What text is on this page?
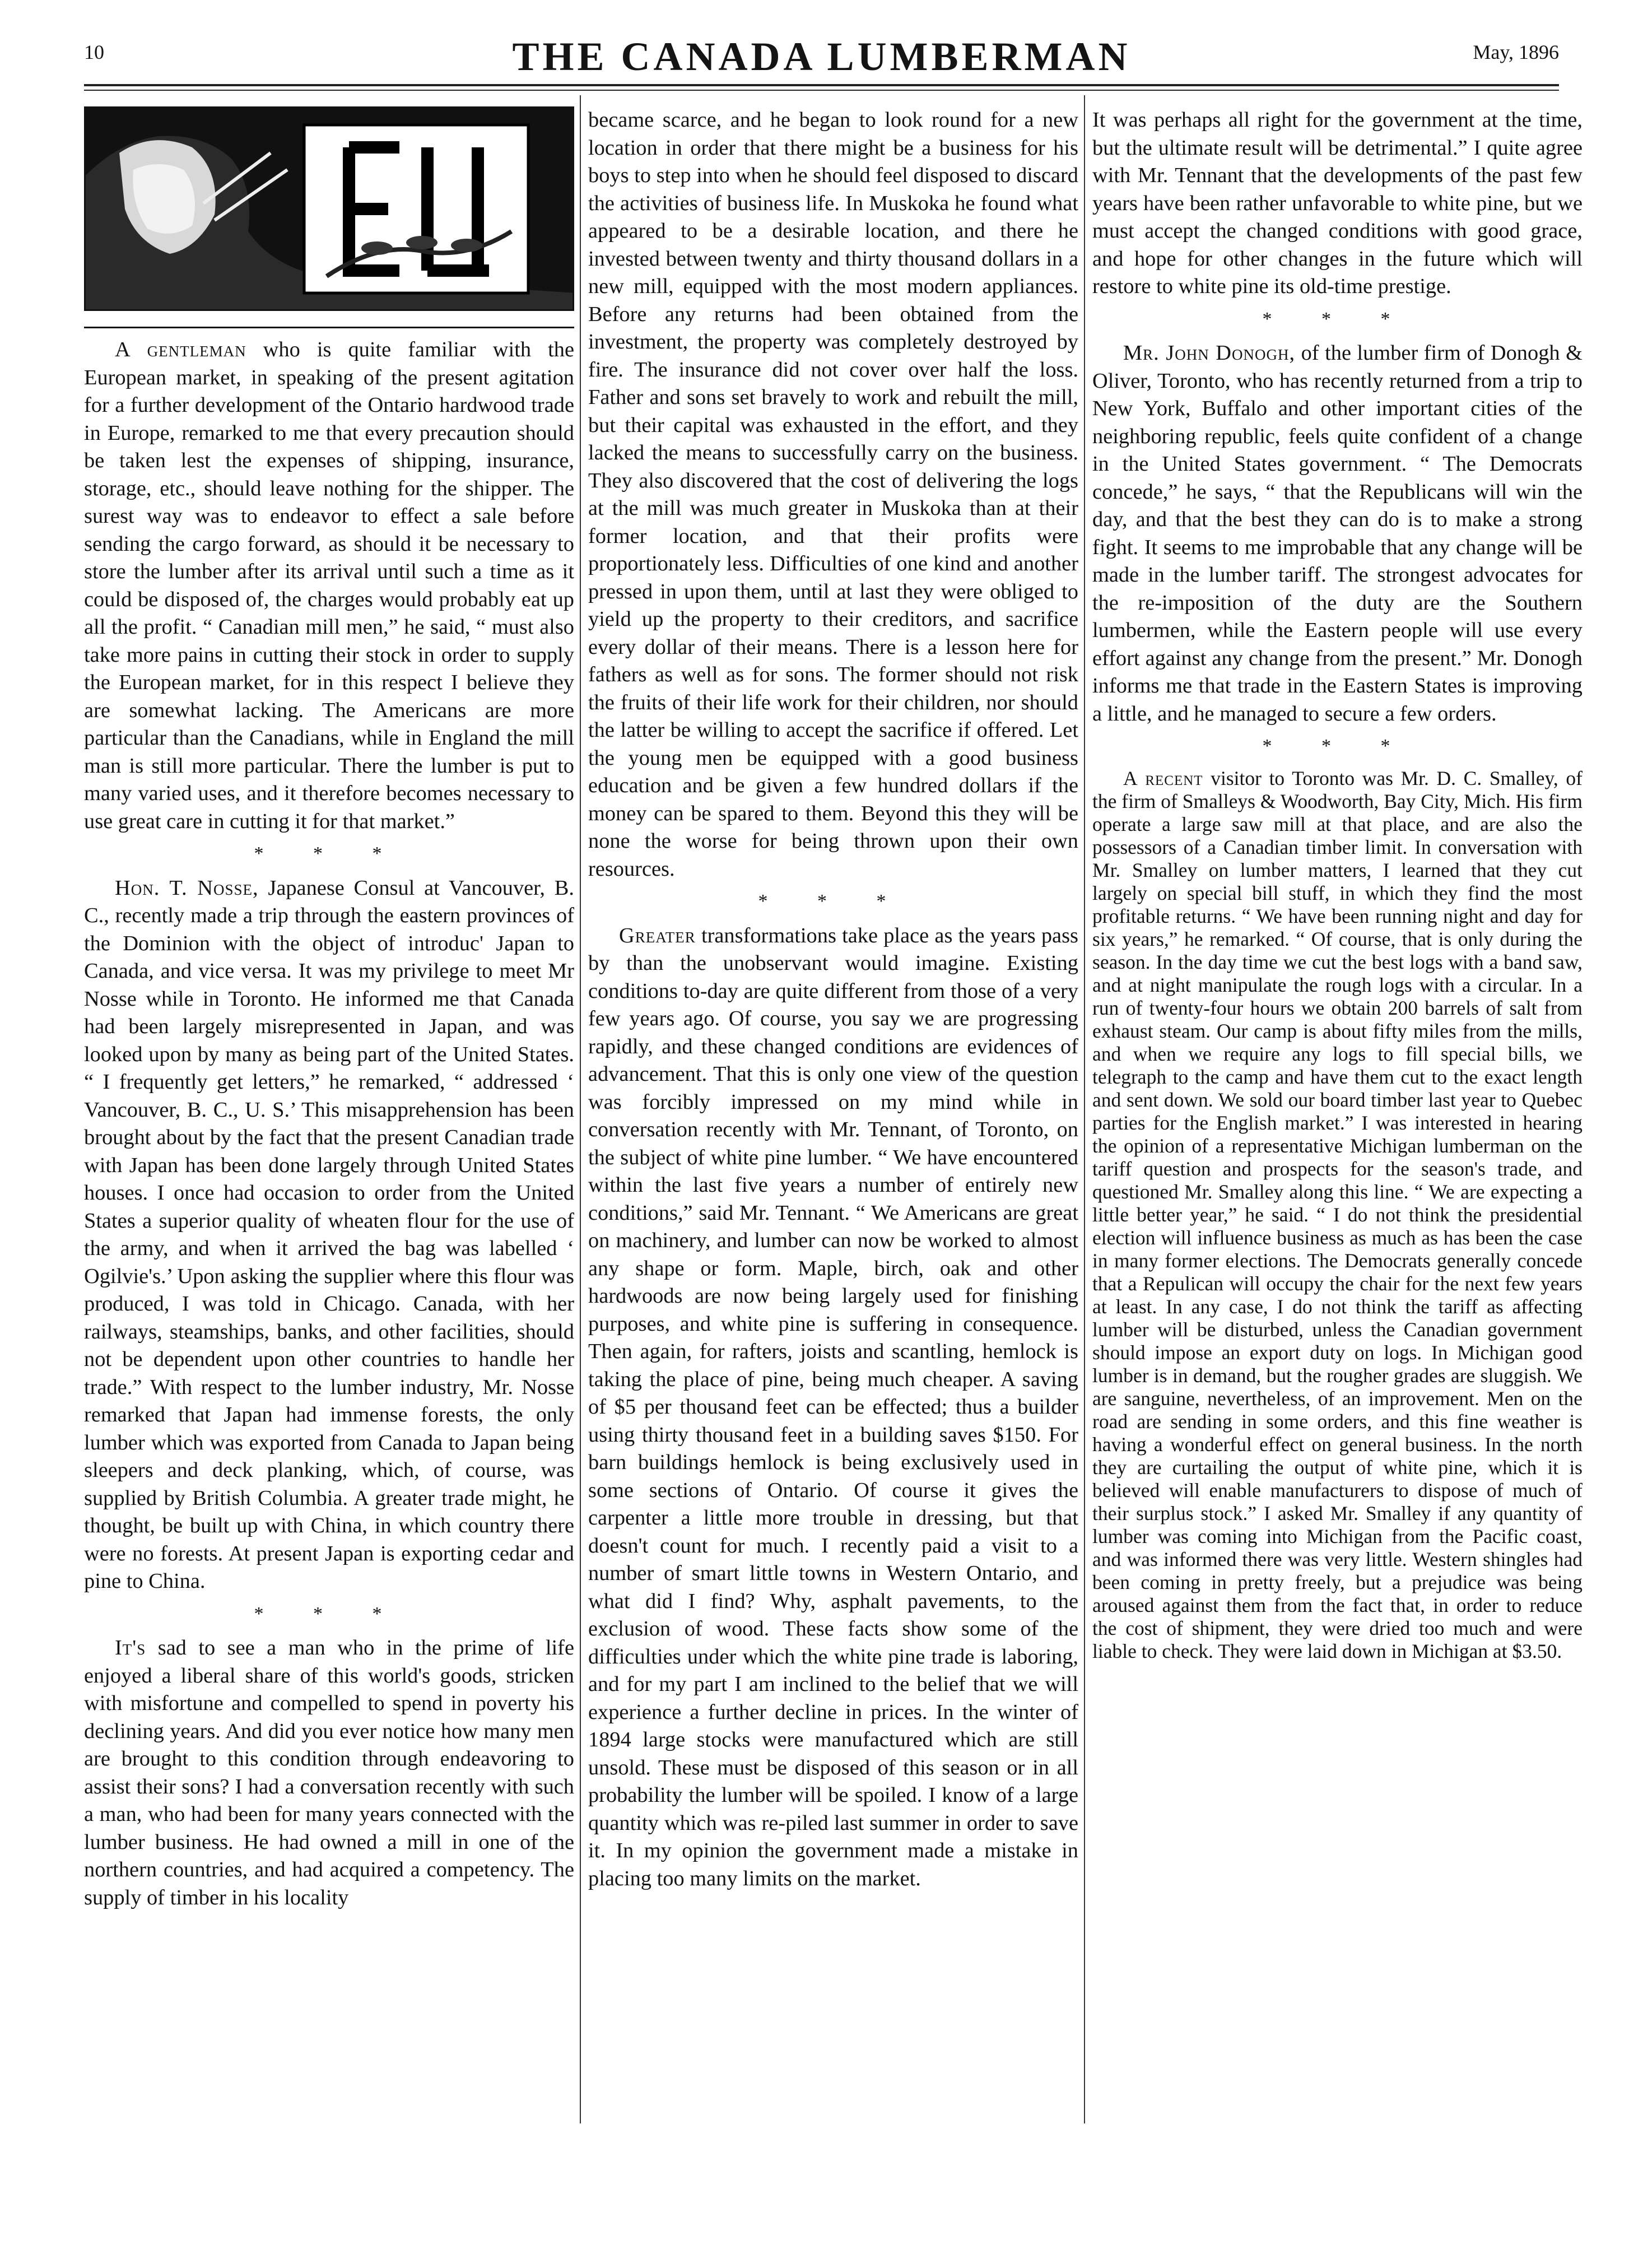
10	THE CANADA LUMBERMAN	May, 1896

A gentleman who is quite familiar with the European market, in speaking of the present agitation for a further development of the Ontario hardwood trade in Europe, remarked to me that every precaution should be taken lest the expenses of shipping, insurance, storage, etc., should leave nothing for the shipper. The surest way was to endeavor to effect a sale before sending the cargo forward, as should it be necessary to store the lumber after its arrival until such a time as it could be disposed of, the charges would probably eat up all the profit. “ Canadian mill men,” he said, “ must also take more pains in cutting their stock in order to supply the European market, for in this respect I believe they are somewhat lacking. The Americans are more particular than the Canadians, while in England the mill man is still more particular. There the lumber is put to many varied uses, and it therefore becomes necessary to use great care in cutting it for that market.”

* * *

Hon. T. Nosse, Japanese Consul at Vancouver, B. C., recently made a trip through the eastern provinces of the Dominion with the object of introduc' Japan to Canada, and vice versa. It was my privilege to meet Mr Nosse while in Toronto. He informed me that Canada had been largely misrepresented in Japan, and was looked upon by many as being part of the United States. “ I frequently get letters,” he remarked, “ addressed ‘ Vancouver, B. C., U. S.’ This misapprehension has been brought about by the fact that the present Canadian trade with Japan has been done largely through United States houses. I once had occasion to order from the United States a superior quality of wheaten flour for the use of the army, and when it arrived the bag was labelled ‘ Ogilvie's.’ Upon asking the supplier where this flour was produced, I was told in Chicago. Canada, with her railways, steamships, banks, and other facilities, should not be dependent upon other countries to handle her trade.” With respect to the lumber industry, Mr. Nosse remarked that Japan had immense forests, the only lumber which was exported from Canada to Japan being sleepers and deck planking, which, of course, was supplied by British Columbia. A greater trade might, he thought, be built up with China, in which country there were no forests. At present Japan is exporting cedar and pine to China.

* * *

It's sad to see a man who in the prime of life enjoyed a liberal share of this world's goods, stricken with misfortune and compelled to spend in poverty his declining years. And did you ever notice how many men are brought to this condition through endeavoring to assist their sons? I had a conversation recently with such a man, who had been for many years connected with the lumber business. He had owned a mill in one of the northern countries, and had acquired a competency. The supply of timber in his locality

became scarce, and he began to look round for a new location in order that there might be a business for his boys to step into when he should feel disposed to discard the activities of business life. In Muskoka he found what appeared to be a desirable location, and there he invested between twenty and thirty thousand dollars in a new mill, equipped with the most modern appliances. Before any returns had been obtained from the investment, the property was completely destroyed by fire. The insurance did not cover over half the loss. Father and sons set bravely to work and rebuilt the mill, but their capital was exhausted in the effort, and they lacked the means to successfully carry on the business. They also discovered that the cost of delivering the logs at the mill was much greater in Muskoka than at their former location, and that their profits were proportionately less. Difficulties of one kind and another pressed in upon them, until at last they were obliged to yield up the property to their creditors, and sacrifice every dollar of their means. There is a lesson here for fathers as well as for sons. The former should not risk the fruits of their life work for their children, nor should the latter be willing to accept the sacrifice if offered. Let the young men be equipped with a good business education and be given a few hundred dollars if the money can be spared to them. Beyond this they will be none the worse for being thrown upon their own resources.

* * *

Greater transformations take place as the years pass by than the unobservant would imagine. Existing conditions to-day are quite different from those of a very few years ago. Of course, you say we are progressing rapidly, and these changed conditions are evidences of advancement. That this is only one view of the question was forcibly impressed on my mind while in conversation recently with Mr. Tennant, of Toronto, on the subject of white pine lumber. “ We have encountered within the last five years a number of entirely new conditions,” said Mr. Tennant. “ We Americans are great on machinery, and lumber can now be worked to almost any shape or form. Maple, birch, oak and other hardwoods are now being largely used for finishing purposes, and white pine is suffering in consequence. Then again, for rafters, joists and scantling, hemlock is taking the place of pine, being much cheaper. A saving of $5 per thousand feet can be effected; thus a builder using thirty thousand feet in a building saves $150. For barn buildings hemlock is being exclusively used in some sections of Ontario. Of course it gives the carpenter a little more trouble in dressing, but that doesn't count for much. I recently paid a visit to a number of smart little towns in Western Ontario, and what did I find? Why, asphalt pavements, to the exclusion of wood. These facts show some of the difficulties under which the white pine trade is laboring, and for my part I am inclined to the belief that we will experience a further decline in prices. In the winter of 1894 large stocks were manufactured which are still unsold. These must be disposed of this season or in all probability the lumber will be spoiled. I know of a large quantity which was re-piled last summer in order to save it. In my opinion the government made a mistake in placing too many limits on the market.

It was perhaps all right for the government at the time, but the ultimate result will be detrimental.” I quite agree with Mr. Tennant that the developments of the past few years have been rather unfavorable to white pine, but we must accept the changed conditions with good grace, and hope for other changes in the future which will restore to white pine its old-time prestige.

* * *

Mr. John Donogh, of the lumber firm of Donogh & Oliver, Toronto, who has recently returned from a trip to New York, Buffalo and other important cities of the neighboring republic, feels quite confident of a change in the United States government. “ The Democrats concede,” he says, “ that the Republicans will win the day, and that the best they can do is to make a strong fight. It seems to me improbable that any change will be made in the lumber tariff. The strongest advocates for the re-imposition of the duty are the Southern lumbermen, while the Eastern people will use every effort against any change from the present.” Mr. Donogh informs me that trade in the Eastern States is improving a little, and he managed to secure a few orders.

* * *

A recent visitor to Toronto was Mr. D. C. Smalley, of the firm of Smalleys & Woodworth, Bay City, Mich. His firm operate a large saw mill at that place, and are also the possessors of a Canadian timber limit. In conversation with Mr. Smalley on lumber matters, I learned that they cut largely on special bill stuff, in which they find the most profitable returns. “ We have been running night and day for six years,” he remarked. “ Of course, that is only during the season. In the day time we cut the best logs with a band saw, and at night manipulate the rough logs with a circular. In a run of twenty-four hours we obtain 200 barrels of salt from exhaust steam. Our camp is about fifty miles from the mills, and when we require any logs to fill special bills, we telegraph to the camp and have them cut to the exact length and sent down. We sold our board timber last year to Quebec parties for the English market.” I was interested in hearing the opinion of a representative Michigan lumberman on the tariff question and prospects for the season's trade, and questioned Mr. Smalley along this line. “ We are expecting a little better year,” he said. “ I do not think the presidential election will influence business as much as has been the case in many former elections. The Democrats generally concede that a Repulican will occupy the chair for the next few years at least. In any case, I do not think the tariff as affecting lumber will be disturbed, unless the Canadian government should impose an export duty on logs. In Michigan good lumber is in demand, but the rougher grades are sluggish. We are sanguine, nevertheless, of an improvement. Men on the road are sending in some orders, and this fine weather is having a wonderful effect on general business. In the north they are curtailing the output of white pine, which it is believed will enable manufacturers to dispose of much of their surplus stock.” I asked Mr. Smalley if any quantity of lumber was coming into Michigan from the Pacific coast, and was informed there was very little. Western shingles had been coming in pretty freely, but a prejudice was being aroused against them from the fact that, in order to reduce the cost of shipment, they were dried too much and were liable to check. They were laid down in Michigan at $3.50.
